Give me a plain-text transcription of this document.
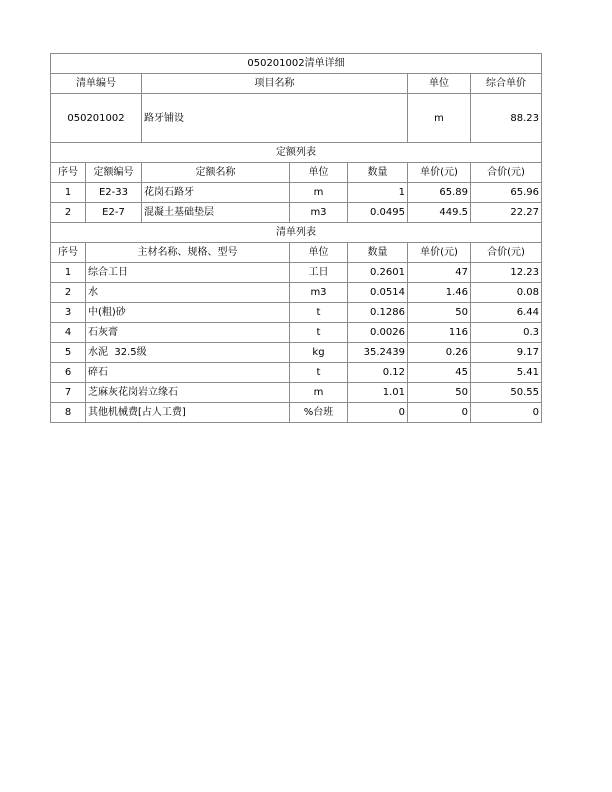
050201002清单详细						
清单编号		项目名称			单位	综合单价
050201002		路牙铺设			m	88.23
定额列表						
序号	定额编号	定额名称	单位	数量	单价(元)	合价(元)
1	E2-33	花岗石路牙	m	1	65.89	65.96
2	E2-7	混凝土基础垫层	m3	0.0495	449.5	22.27
清单列表						
序号	主材名称、规格、型号		单位	数量	单价(元)	合价(元)
1	综合工日		工日	0.2601	47	12.23
2	水		m3	0.0514	1.46	0.08
3	中(粗)砂		t	0.1286	50	6.44
4	石灰膏		t	0.0026	116	0.3
5	水泥  32.5级		kg	35.2439	0.26	9.17
6	碎石		t	0.12	45	5.41
7	芝麻灰花岗岩立缘石		m	1.01	50	50.55
8	其他机械费[占人工费]		%台班	0	0	0
